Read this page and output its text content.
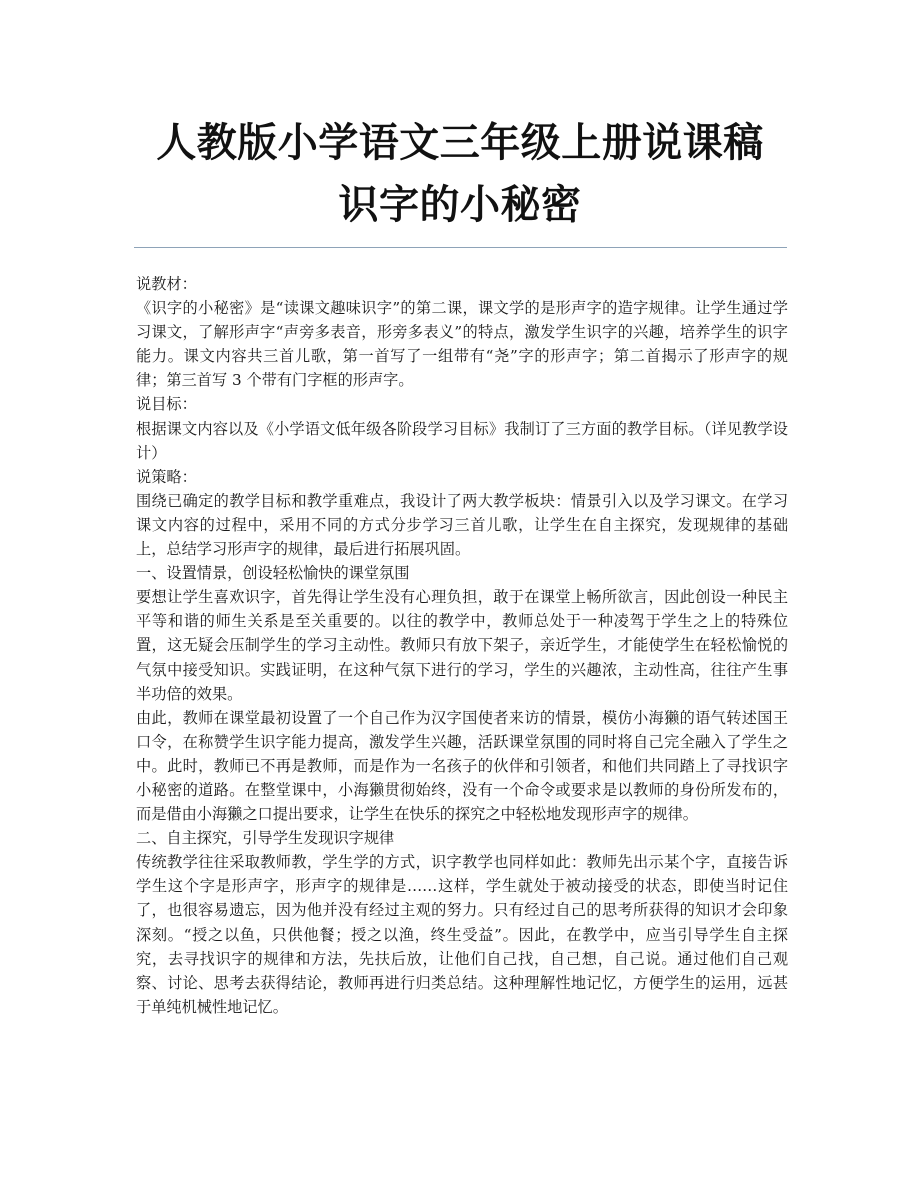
人教版小学语文三年级上册说课稿 识字的小秘密

说教材：

《识字的小秘密》是“读课文趣味识字”的第二课，课文学的是形声字的造字规律。让学生通过学习课文，了解形声字“声旁多表音，形旁多表义”的特点，激发学生识字的兴趣，培养学生的识字能力。课文内容共三首儿歌，第一首写了一组带有“尧”字的形声字；第二首揭示了形声字的规律；第三首写 3 个带有门字框的形声字。

说目标：

根据课文内容以及《小学语文低年级各阶段学习目标》我制订了三方面的教学目标。（详见教学设计）

说策略：

围绕已确定的教学目标和教学重难点，我设计了两大教学板块：情景引入以及学习课文。在学习课文内容的过程中，采用不同的方式分步学习三首儿歌，让学生在自主探究，发现规律的基础上，总结学习形声字的规律，最后进行拓展巩固。

一、设置情景，创设轻松愉快的课堂氛围

要想让学生喜欢识字，首先得让学生没有心理负担，敢于在课堂上畅所欲言，因此创设一种民主平等和谐的师生关系是至关重要的。以往的教学中，教师总处于一种凌驾于学生之上的特殊位置，这无疑会压制学生的学习主动性。教师只有放下架子，亲近学生，才能使学生在轻松愉悦的气氛中接受知识。实践证明，在这种气氛下进行的学习，学生的兴趣浓，主动性高，往往产生事半功倍的效果。

由此，教师在课堂最初设置了一个自己作为汉字国使者来访的情景，模仿小海獭的语气转述国王口令，在称赞学生识字能力提高，激发学生兴趣，活跃课堂氛围的同时将自己完全融入了学生之中。此时，教师已不再是教师，而是作为一名孩子的伙伴和引领者，和他们共同踏上了寻找识字小秘密的道路。在整堂课中，小海獭贯彻始终，没有一个命令或要求是以教师的身份所发布的，而是借由小海獭之口提出要求，让学生在快乐的探究之中轻松地发现形声字的规律。

二、自主探究，引导学生发现识字规律

传统教学往往采取教师教，学生学的方式，识字教学也同样如此：教师先出示某个字，直接告诉学生这个字是形声字，形声字的规律是……这样，学生就处于被动接受的状态，即使当时记住了，也很容易遗忘，因为他并没有经过主观的努力。只有经过自己的思考所获得的知识才会印象深刻。“授之以鱼，只供他餐；授之以渔，终生受益”。因此，在教学中，应当引导学生自主探究，去寻找识字的规律和方法，先扶后放，让他们自己找，自己想，自己说。通过他们自己观察、讨论、思考去获得结论，教师再进行归类总结。这种理解性地记忆，方便学生的运用，远甚于单纯机械性地记忆。
